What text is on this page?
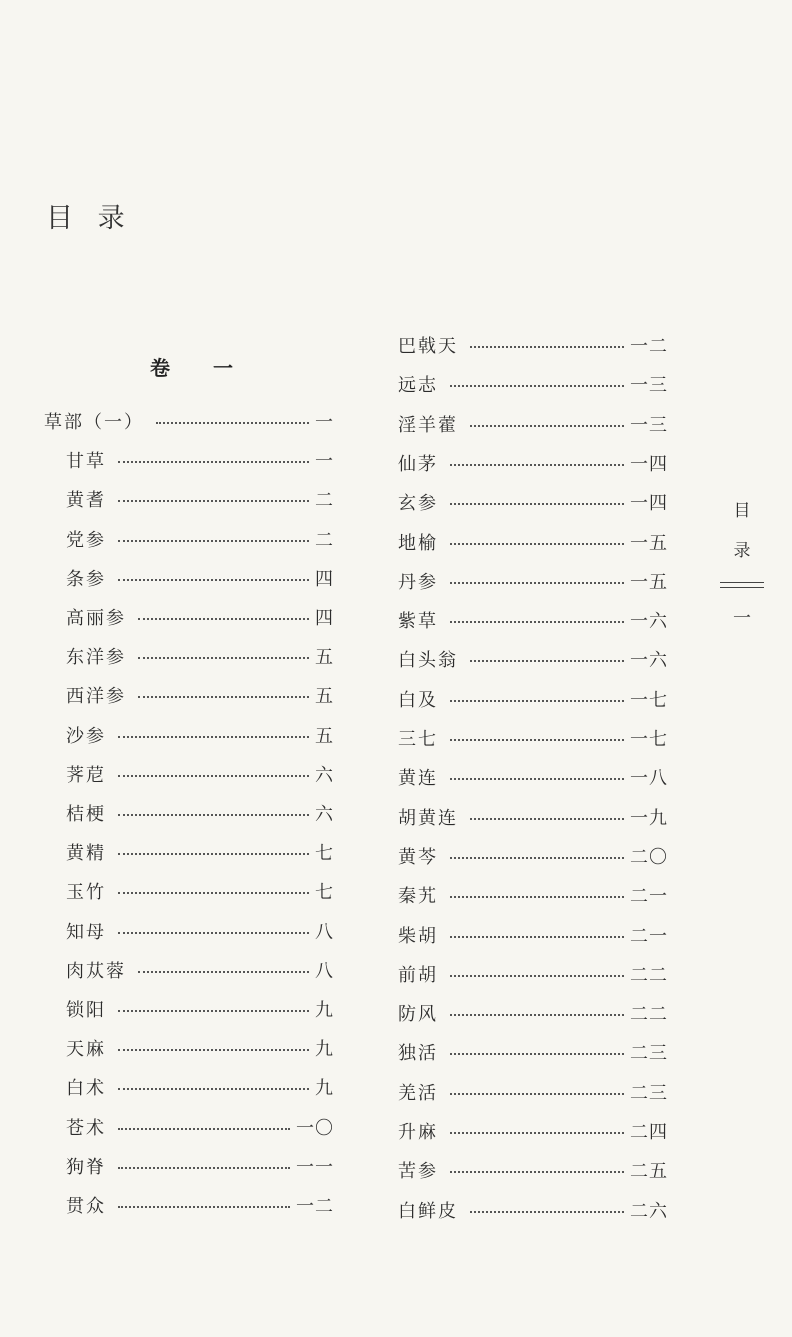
目 录
卷 一
草部（一）	一
甘草	一
黄耆	二
党参	二
条参	四
高丽参	四
东洋参	五
西洋参	五
沙参	五
荠苨	六
桔梗	六
黄精	七
玉竹	七
知母	八
肉苁蓉	八
锁阳	九
天麻	九
白术	九
苍术	一〇
狗脊	一一
贯众	一二
巴戟天	一二
远志	一三
淫羊藿	一三
仙茅	一四
玄参	一四
地榆	一五
丹参	一五
紫草	一六
白头翁	一六
白及	一七
三七	一七
黄连	一八
胡黄连	一九
黄芩	二〇
秦艽	二一
柴胡	二一
前胡	二二
防风	二二
独活	二三
羌活	二三
升麻	二四
苦参	二五
白鲜皮	二六
目
录
一
